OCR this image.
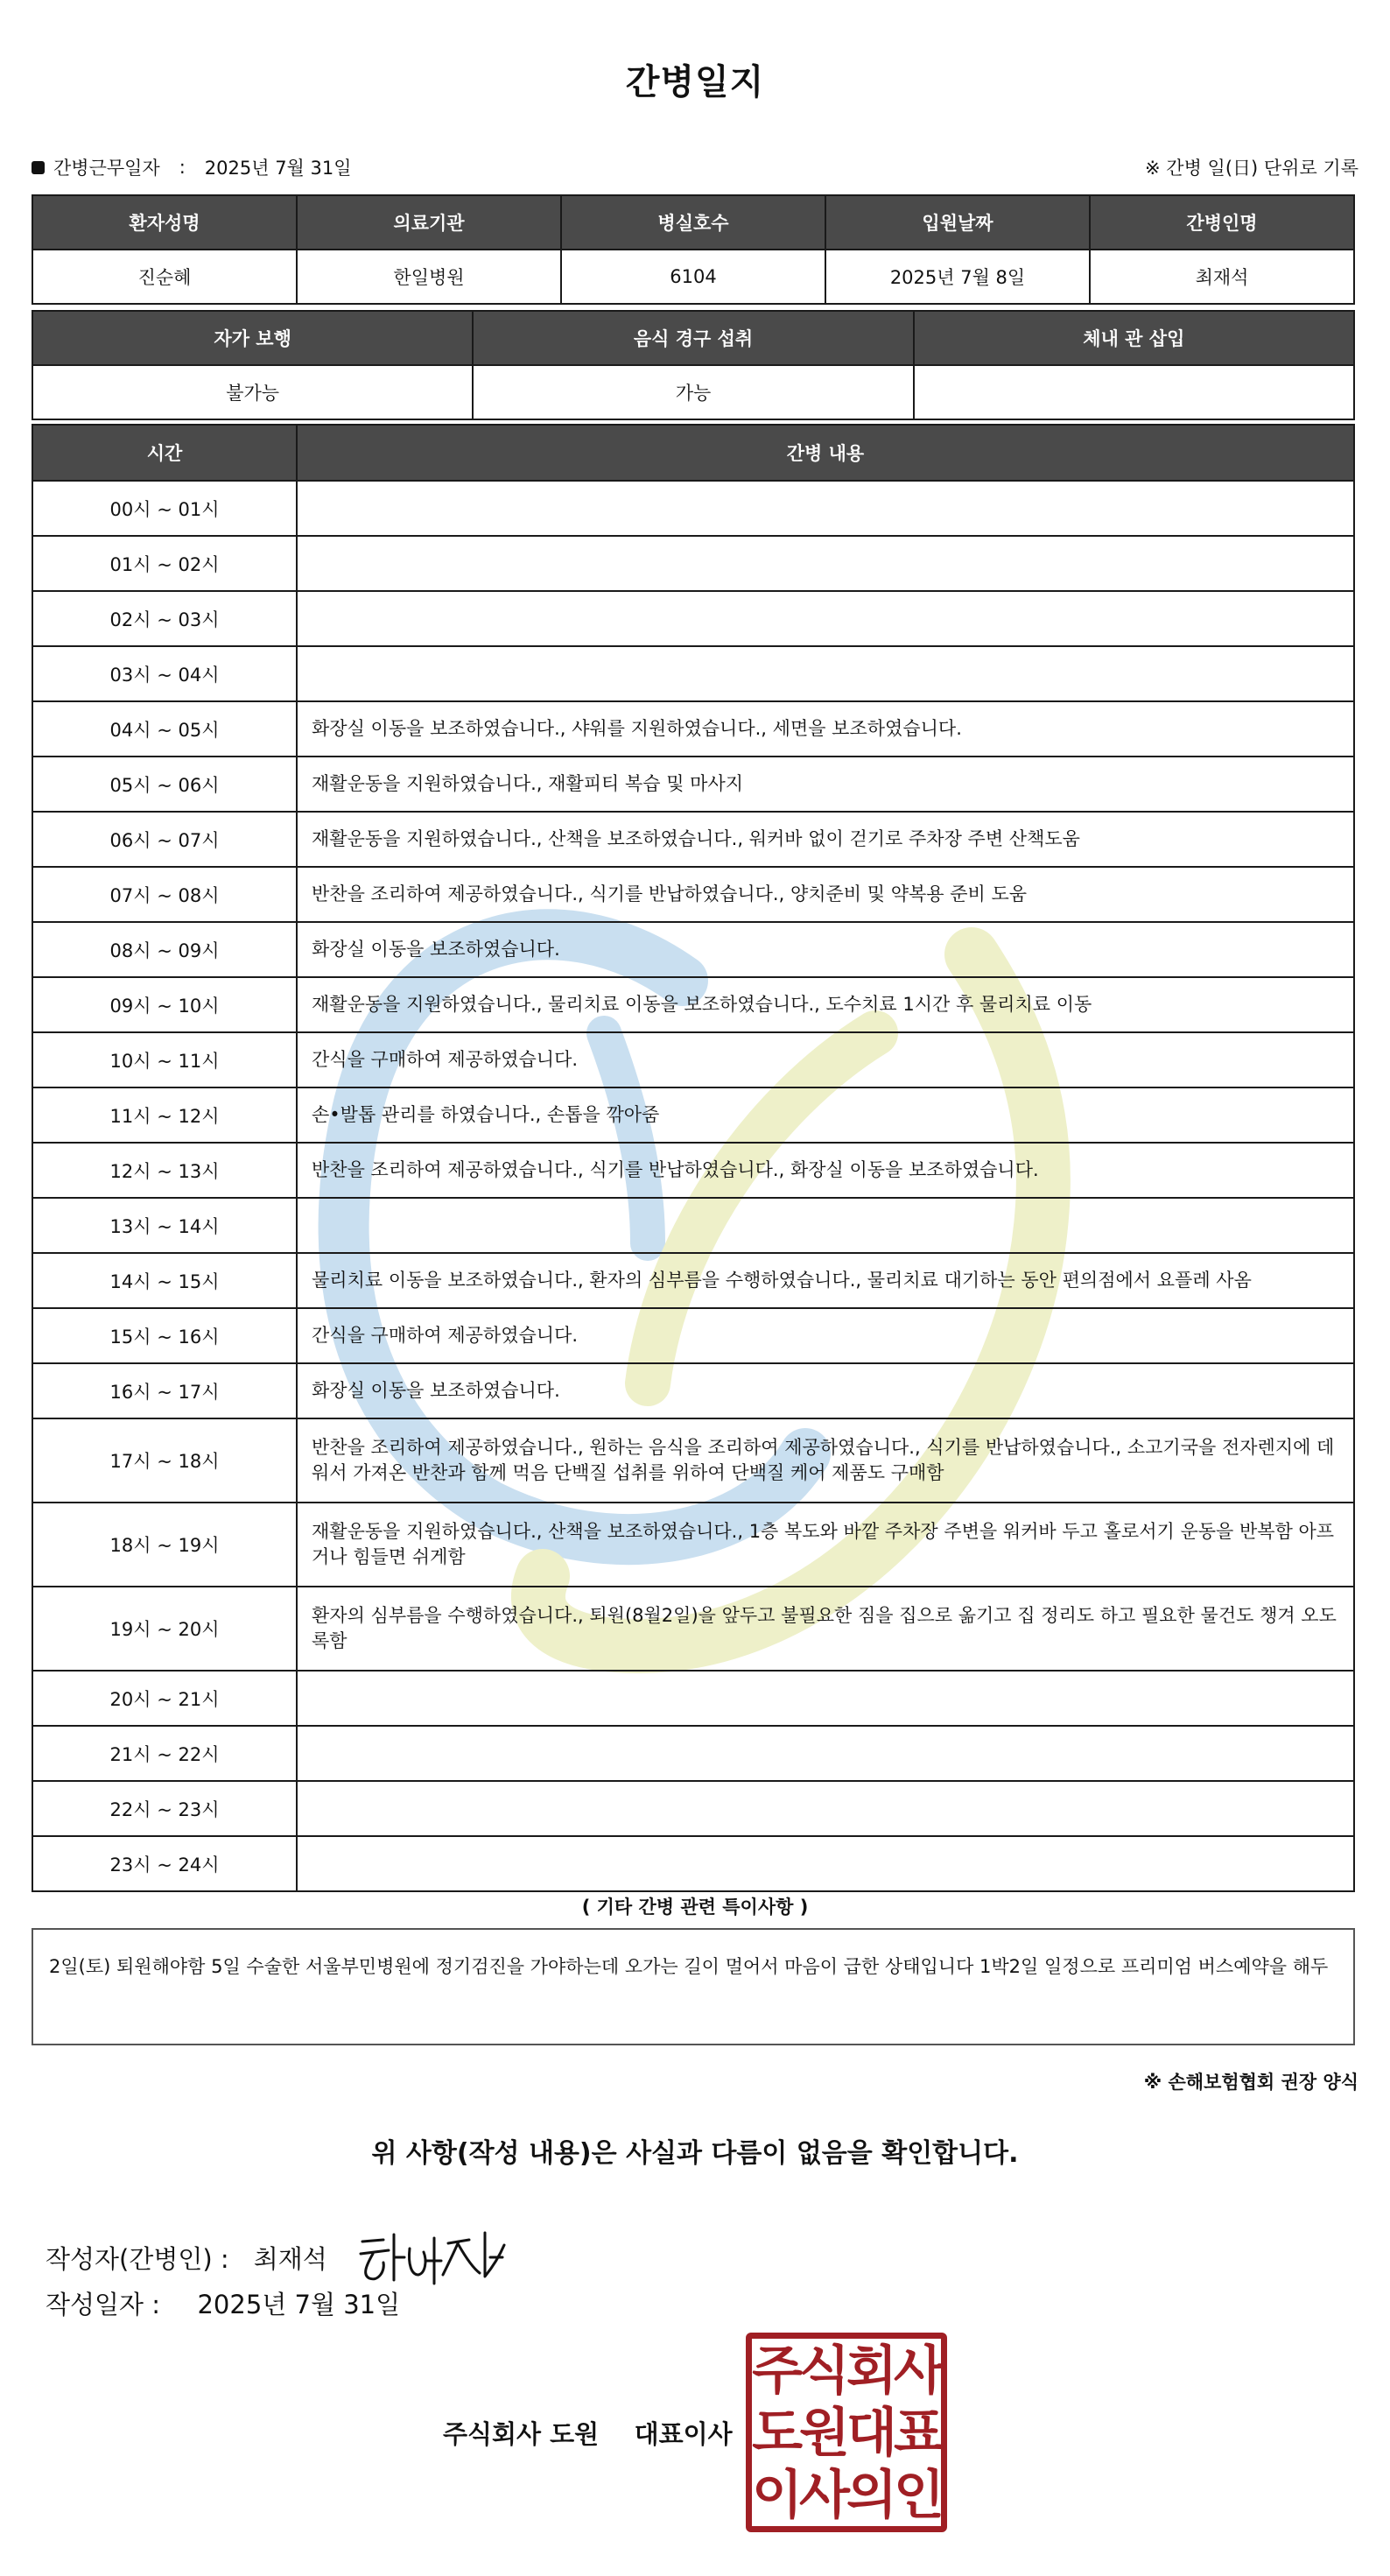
간병일지
간병근무일자 : 2025년 7월 31일	※ 간병 일(日) 단위로 기록
환자성명	의료기관	병실호수	입원날짜	간병인명
진순혜	한일병원	6104	2025년 7월 8일	최재석
자가 보행	음식 경구 섭취	체내 관 삽입
불가능	가능	
시간	간병 내용
00시 ~ 01시	
01시 ~ 02시	
02시 ~ 03시	
03시 ~ 04시	
04시 ~ 05시	화장실 이동을 보조하였습니다., 샤워를 지원하였습니다., 세면을 보조하였습니다.
05시 ~ 06시	재활운동을 지원하였습니다., 재활피티 복습 및 마사지
06시 ~ 07시	재활운동을 지원하였습니다., 산책을 보조하였습니다., 워커바 없이 걷기로 주차장 주변 산책도움
07시 ~ 08시	반찬을 조리하여 제공하였습니다., 식기를 반납하였습니다., 양치준비 및 약복용 준비 도움
08시 ~ 09시	화장실 이동을 보조하였습니다.
09시 ~ 10시	재활운동을 지원하였습니다., 물리치료 이동을 보조하였습니다., 도수치료 1시간 후 물리치료 이동
10시 ~ 11시	간식을 구매하여 제공하였습니다.
11시 ~ 12시	손•발톱 관리를 하였습니다., 손톱을 깎아줌
12시 ~ 13시	반찬을 조리하여 제공하였습니다., 식기를 반납하였습니다., 화장실 이동을 보조하였습니다.
13시 ~ 14시	
14시 ~ 15시	물리치료 이동을 보조하였습니다., 환자의 심부름을 수행하였습니다., 물리치료 대기하는 동안 편의점에서 요플레 사옴
15시 ~ 16시	간식을 구매하여 제공하였습니다.
16시 ~ 17시	화장실 이동을 보조하였습니다.
17시 ~ 18시	반찬을 조리하여 제공하였습니다., 원하는 음식을 조리하여 제공하였습니다., 식기를 반납하였습니다., 소고기국을 전자렌지에 데워서 가져온 반찬과 함께 먹음 단백질 섭취를 위하여 단백질 케어 제품도 구매함
18시 ~ 19시	재활운동을 지원하였습니다., 산책을 보조하였습니다., 1층 복도와 바깥 주차장 주변을 워커바 두고 홀로서기 운동을 반복함 아프거나 힘들면 쉬게함
19시 ~ 20시	환자의 심부름을 수행하였습니다., 퇴원(8월2일)을 앞두고 불필요한 짐을 집으로 옮기고 집 정리도 하고 필요한 물건도 챙겨 오도록함
20시 ~ 21시	
21시 ~ 22시	
22시 ~ 23시	
23시 ~ 24시	
( 기타 간병 관련 특이사항 )
2일(토) 퇴원해야함 5일 수술한 서울부민병원에 정기검진을 가야하는데 오가는 길이 멀어서 마음이 급한 상태입니다 1박2일 일정으로 프리미엄 버스예약을 해두
※ 손해보험협회 권장 양식
위 사항(작성 내용)은 사실과 다름이 없음을 확인합니다.
작성자(간병인) : 최재석
작성일자 : 2025년 7월 31일
주식회사 도원    대표이사
주식회사
도원대표
이사의인
